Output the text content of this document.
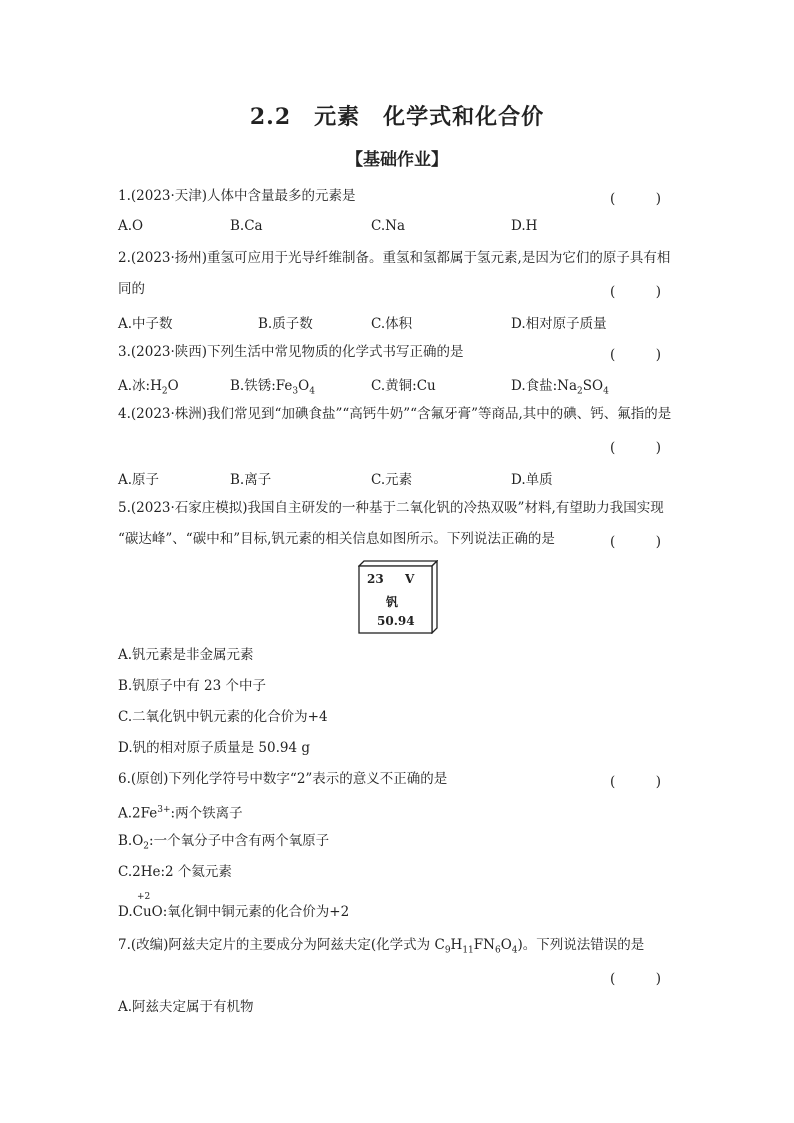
2.2　元素　化学式和化合价
【基础作业】
1.(2023·天津)人体中含量最多的元素是	(　　　)
A.O	B.Ca	C.Na	D.H
2.(2023·扬州)重氢可应用于光导纤维制备。重氢和氢都属于氢元素,是因为它们的原子具有相
同的	(　　　)
A.中子数	B.质子数	C.体积	D.相对原子质量
3.(2023·陕西)下列生活中常见物质的化学式书写正确的是	(　　　)
A.冰$:H_2O$	B.铁锈$:Fe_3O_4$	C.黄铜:Cu	D.食盐$:Na_2SO_4$
4.(2023·株洲)我们常见到“加碘食盐”“高钙牛奶”“含氟牙膏”等商品,其中的碘、钙、氟指的是
(　　　)
A.原子	B.离子	C.元素	D.单质
5.(2023·石家庄模拟)我国自主研发的一种基于二氧化钒的冷热双吸”材料,有望助力我国实现
“碳达峰”、“碳中和”目标,钒元素的相关信息如图所示。下列说法正确的是	(　　　)
23 V
钒
50.94
A.钒元素是非金属元素
B.钒原子中有 23 个中子
C.二氧化钒中钒元素的化合价为+4
D.钒的相对原子质量是 50.94 g
6.(原创)下列化学符号中数字“2”表示的意义不正确的是	(　　　)
$A.2Fe^{3+}$:两个铁离子
$B.O_2$:一个氧分子中含有两个氧原子
C.2He:2 个氦元素
+2
D.CuO:氧化铜中铜元素的化合价为+2
7.(改编)阿兹夫定片的主要成分为阿兹夫定(化学式为 $C_9H_{11}FN_6O_4$)。下列说法错误的是
(　　　)
A.阿兹夫定属于有机物
